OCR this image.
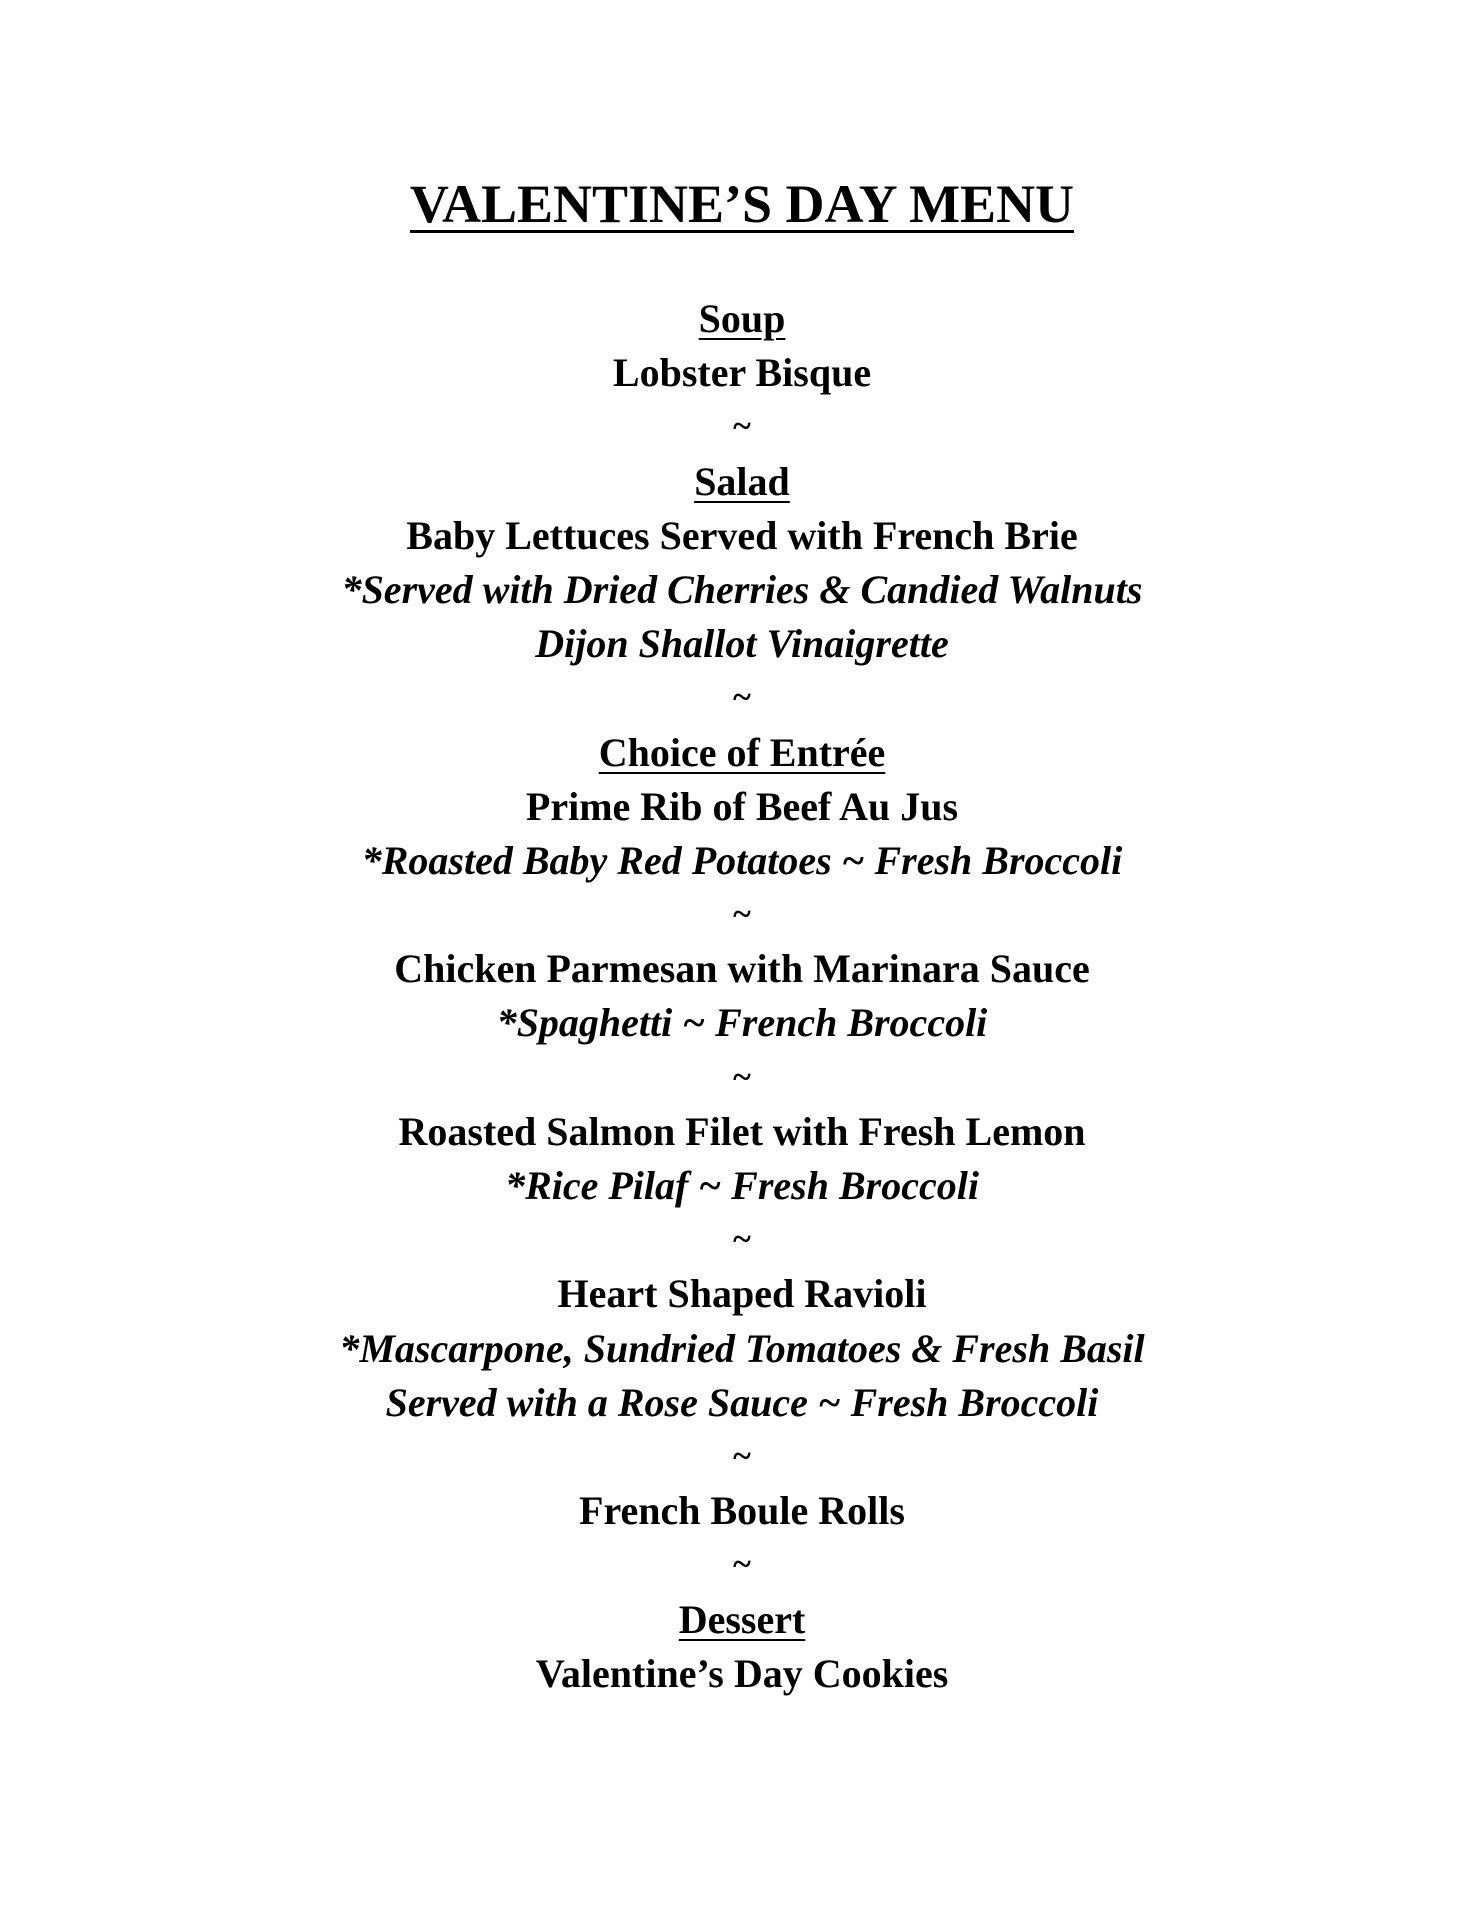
VALENTINE’S DAY MENU
Soup
Lobster Bisque
~
Salad
Baby Lettuces Served with French Brie
*Served with Dried Cherries & Candied Walnuts
Dijon Shallot Vinaigrette
~
Choice of Entrée
Prime Rib of Beef Au Jus
*Roasted Baby Red Potatoes ~ Fresh Broccoli
~
Chicken Parmesan with Marinara Sauce
*Spaghetti ~ French Broccoli
~
Roasted Salmon Filet with Fresh Lemon
*Rice Pilaf ~ Fresh Broccoli
~
Heart Shaped Ravioli
*Mascarpone, Sundried Tomatoes & Fresh Basil
Served with a Rose Sauce ~ Fresh Broccoli
~
French Boule Rolls
~
Dessert
Valentine’s Day Cookies
